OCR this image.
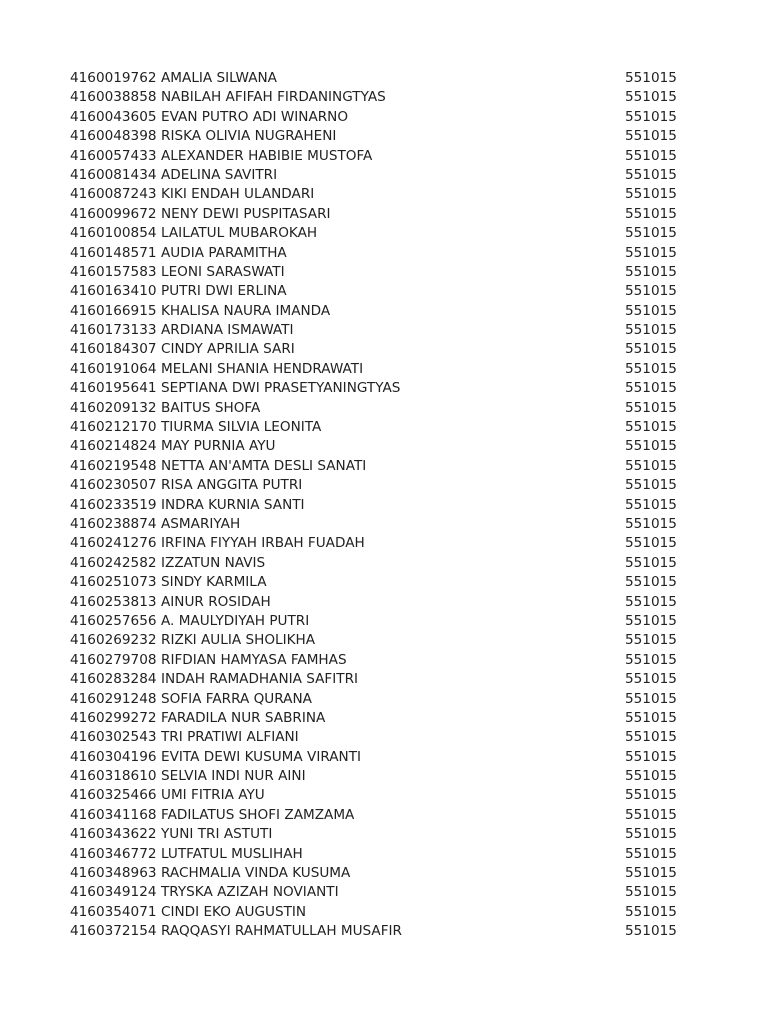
4160019762 AMALIA SILWANA	551015
4160038858 NABILAH AFIFAH FIRDANINGTYAS	551015
4160043605 EVAN PUTRO ADI WINARNO	551015
4160048398 RISKA OLIVIA NUGRAHENI	551015
4160057433 ALEXANDER HABIBIE MUSTOFA	551015
4160081434 ADELINA SAVITRI	551015
4160087243 KIKI ENDAH ULANDARI	551015
4160099672 NENY DEWI PUSPITASARI	551015
4160100854 LAILATUL MUBAROKAH	551015
4160148571 AUDIA PARAMITHA	551015
4160157583 LEONI SARASWATI	551015
4160163410 PUTRI DWI ERLINA	551015
4160166915 KHALISA NAURA IMANDA	551015
4160173133 ARDIANA ISMAWATI	551015
4160184307 CINDY APRILIA SARI	551015
4160191064 MELANI SHANIA HENDRAWATI	551015
4160195641 SEPTIANA DWI PRASETYANINGTYAS	551015
4160209132 BAITUS SHOFA	551015
4160212170 TIURMA SILVIA LEONITA	551015
4160214824 MAY PURNIA AYU	551015
4160219548 NETTA AN'AMTA DESLI SANATI	551015
4160230507 RISA ANGGITA PUTRI	551015
4160233519 INDRA KURNIA SANTI	551015
4160238874 ASMARIYAH	551015
4160241276 IRFINA FIYYAH IRBAH FUADAH	551015
4160242582 IZZATUN NAVIS	551015
4160251073 SINDY KARMILA	551015
4160253813 AINUR ROSIDAH	551015
4160257656 A. MAULYDIYAH PUTRI	551015
4160269232 RIZKI AULIA SHOLIKHA	551015
4160279708 RIFDIAN HAMYASA FAMHAS	551015
4160283284 INDAH RAMADHANIA SAFITRI	551015
4160291248 SOFIA FARRA QURANA	551015
4160299272 FARADILA NUR SABRINA	551015
4160302543 TRI PRATIWI ALFIANI	551015
4160304196 EVITA DEWI KUSUMA VIRANTI	551015
4160318610 SELVIA INDI NUR AINI	551015
4160325466 UMI FITRIA AYU	551015
4160341168 FADILATUS SHOFI ZAMZAMA	551015
4160343622 YUNI TRI ASTUTI	551015
4160346772 LUTFATUL MUSLIHAH	551015
4160348963 RACHMALIA VINDA KUSUMA	551015
4160349124 TRYSKA AZIZAH NOVIANTI	551015
4160354071 CINDI EKO AUGUSTIN	551015
4160372154 RAQQASYI RAHMATULLAH MUSAFIR	551015
